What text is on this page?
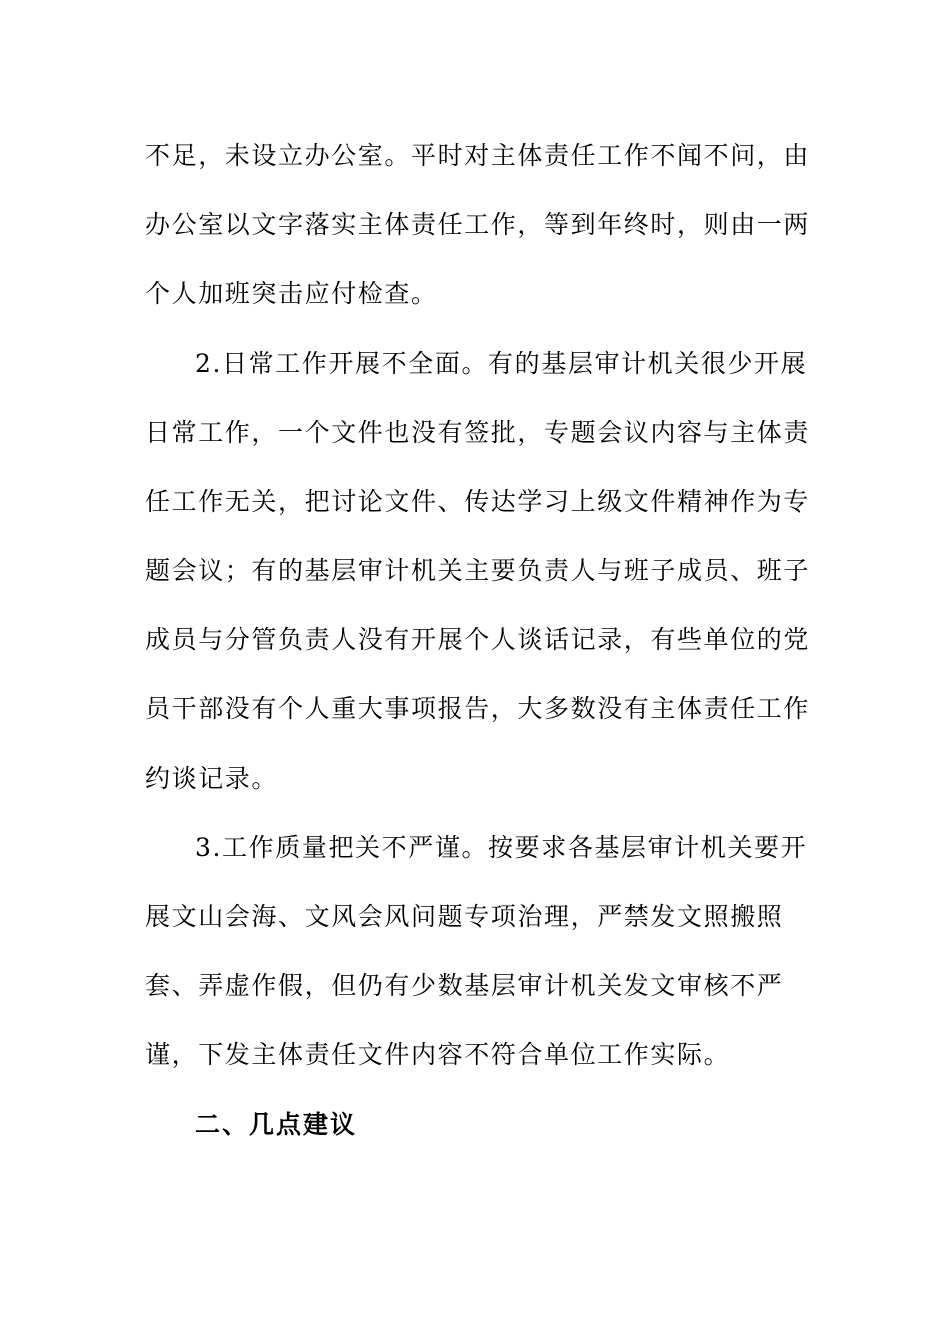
不足，未设立办公室。平时对主体责任工作不闻不问，由
办公室以文字落实主体责任工作，等到年终时，则由一两
个人加班突击应付检查。
2.日常工作开展不全面。有的基层审计机关很少开展
日常工作，一个文件也没有签批，专题会议内容与主体责
任工作无关，把讨论文件、传达学习上级文件精神作为专
题会议；有的基层审计机关主要负责人与班子成员、班子
成员与分管负责人没有开展个人谈话记录，有些单位的党
员干部没有个人重大事项报告，大多数没有主体责任工作
约谈记录。
3.工作质量把关不严谨。按要求各基层审计机关要开
展文山会海、文风会风问题专项治理，严禁发文照搬照
套、弄虚作假，但仍有少数基层审计机关发文审核不严
谨，下发主体责任文件内容不符合单位工作实际。
二、几点建议
